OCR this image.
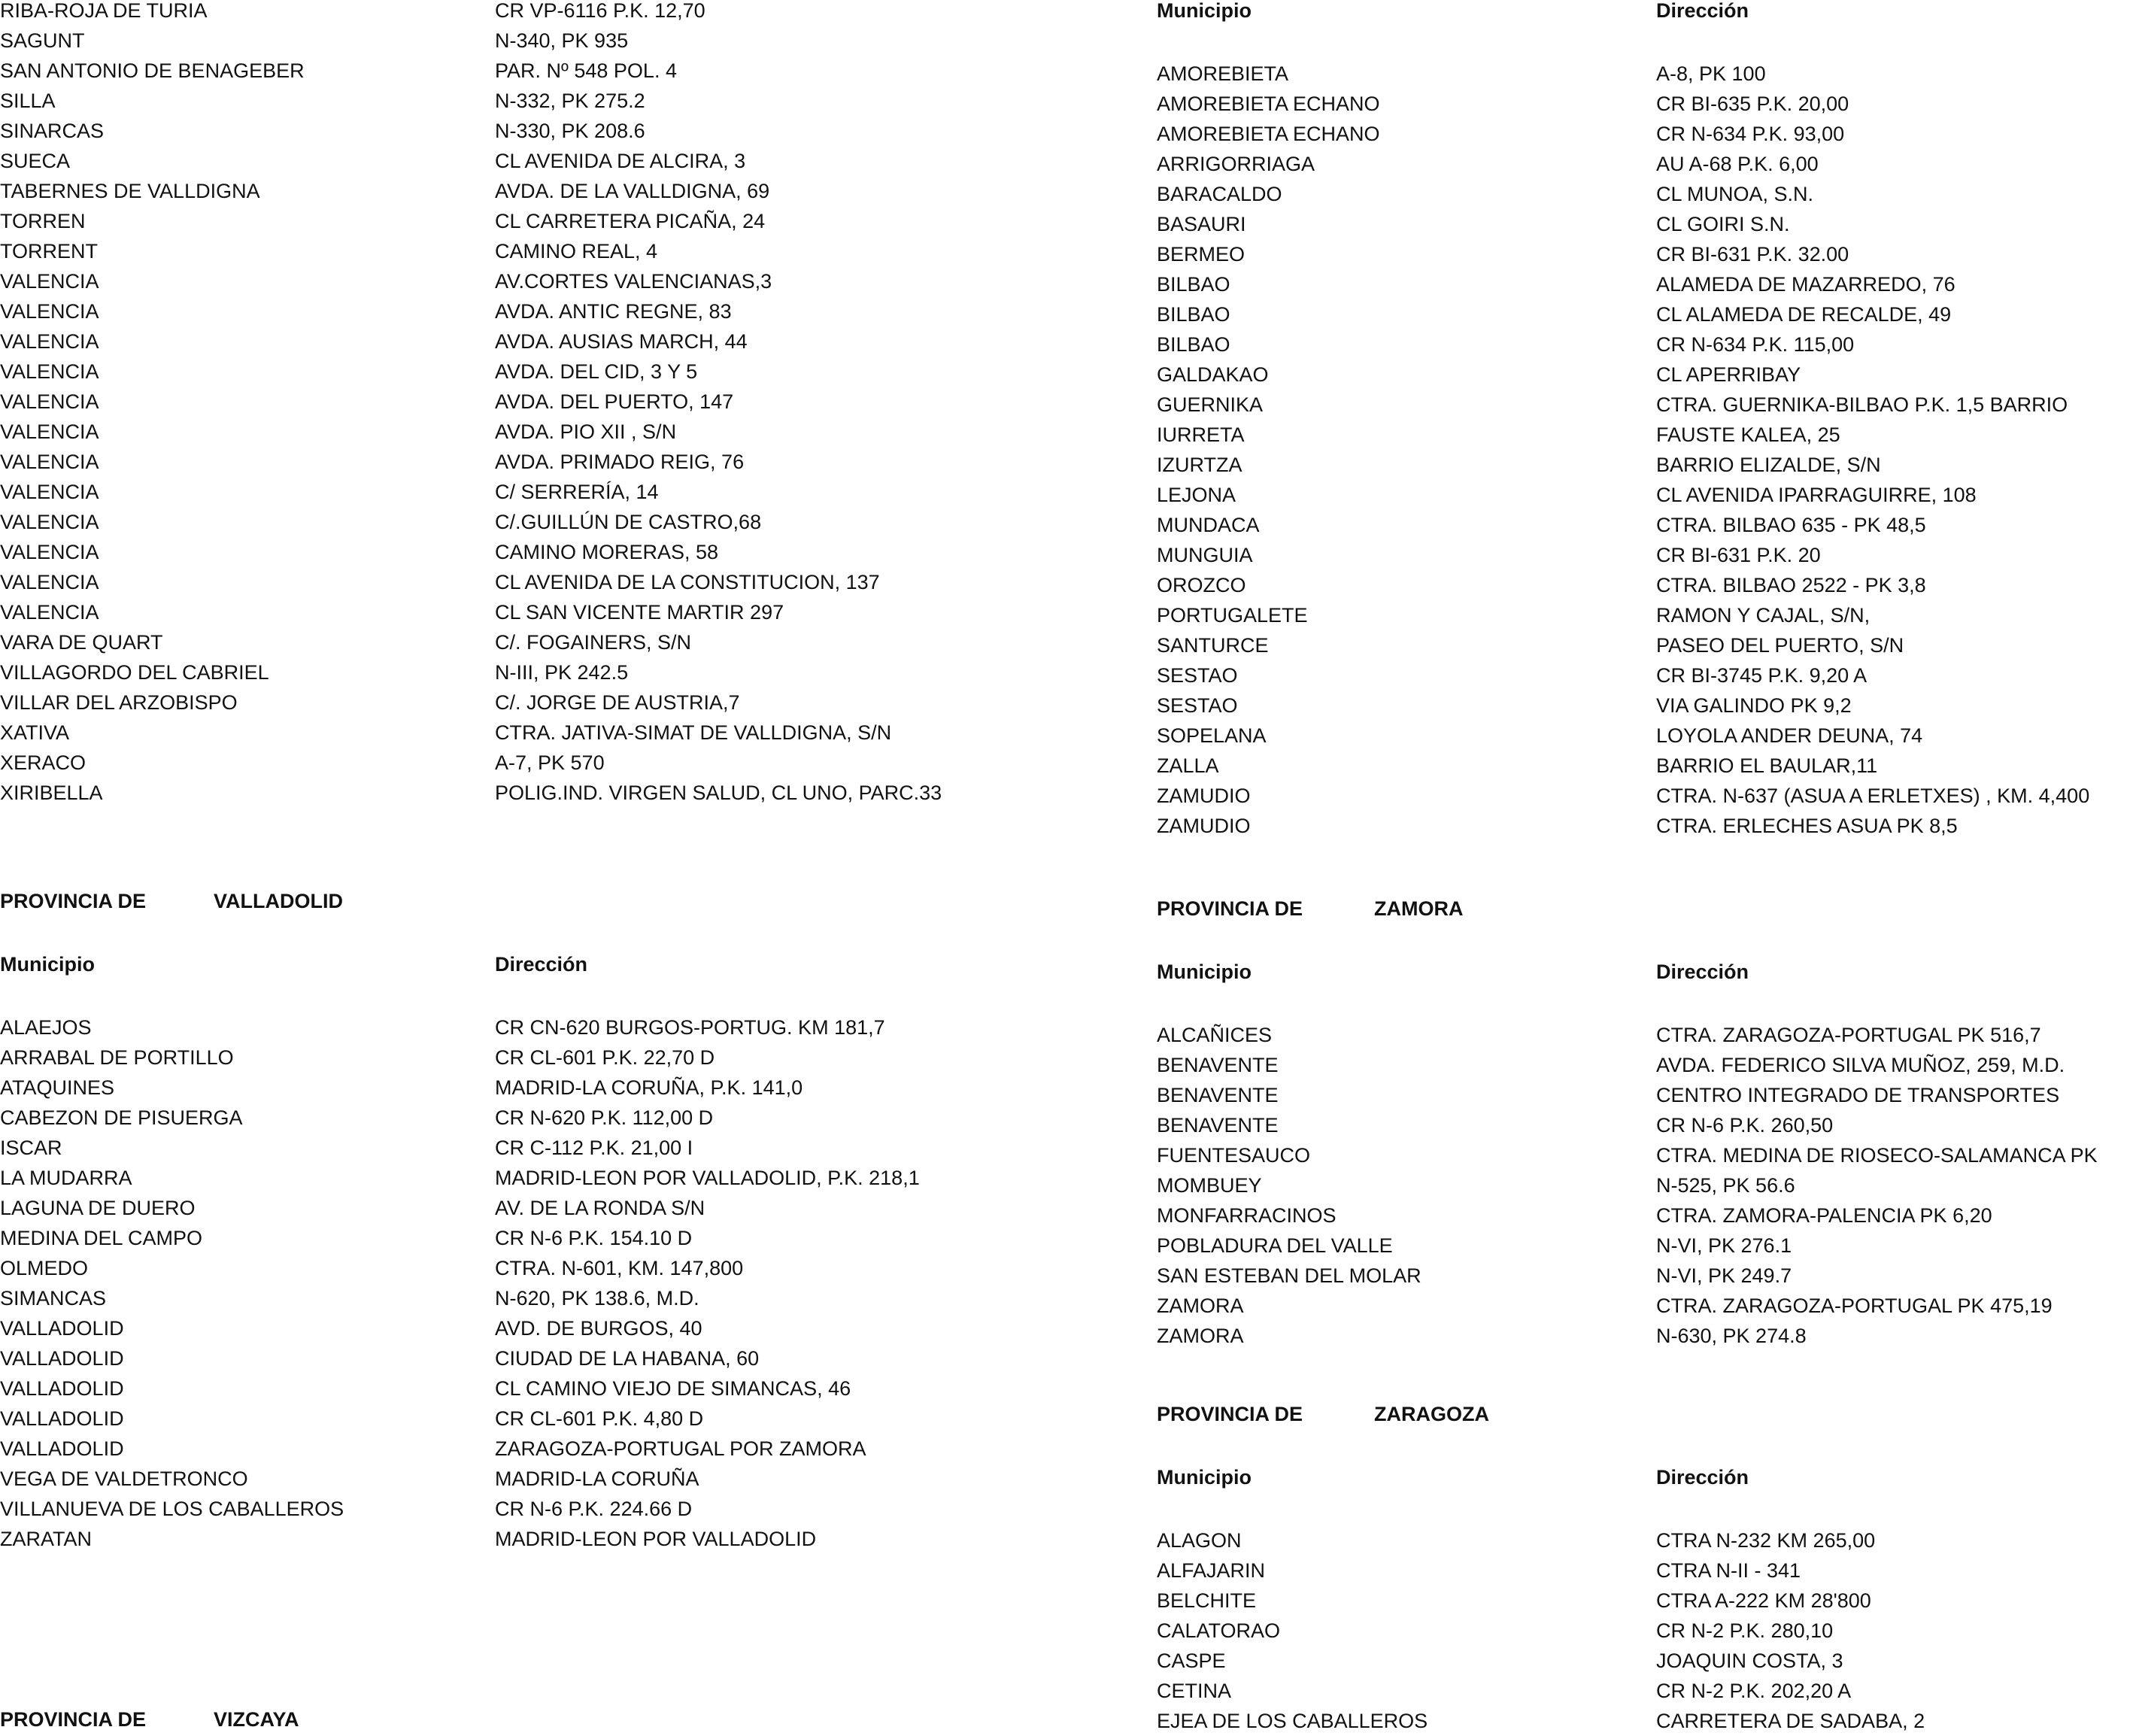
RIBA-ROJA DE TURIA	CR VP-6116 P.K. 12,70
SAGUNT	N-340, PK 935
SAN ANTONIO DE BENAGEBER	PAR. Nº 548 POL. 4
SILLA	N-332, PK 275.2
SINARCAS	N-330, PK 208.6
SUECA	CL AVENIDA DE ALCIRA, 3
TABERNES DE VALLDIGNA	AVDA. DE LA VALLDIGNA, 69
TORREN	CL CARRETERA PICAÑA, 24
TORRENT	CAMINO REAL, 4
VALENCIA	AV.CORTES VALENCIANAS,3
VALENCIA	AVDA. ANTIC REGNE, 83
VALENCIA	AVDA. AUSIAS MARCH, 44
VALENCIA	AVDA. DEL CID, 3 Y 5
VALENCIA	AVDA. DEL PUERTO, 147
VALENCIA	AVDA. PIO XII , S/N
VALENCIA	AVDA. PRIMADO REIG, 76
VALENCIA	C/ SERRERÍA, 14
VALENCIA	C/.GUILLÚN DE CASTRO,68
VALENCIA	CAMINO MORERAS, 58
VALENCIA	CL AVENIDA DE LA CONSTITUCION, 137
VALENCIA	CL SAN VICENTE MARTIR 297
VARA DE QUART	C/. FOGAINERS, S/N
VILLAGORDO DEL CABRIEL	N-III, PK 242.5
VILLAR DEL ARZOBISPO	C/. JORGE DE AUSTRIA,7
XATIVA	CTRA. JATIVA-SIMAT DE VALLDIGNA, S/N
XERACO	A-7, PK 570
XIRIBELLA	POLIG.IND. VIRGEN SALUD, CL UNO, PARC.33
PROVINCIA DE	VALLADOLID
Municipio	Dirección
ALAEJOS	CR CN-620 BURGOS-PORTUG. KM 181,7
ARRABAL DE PORTILLO	CR CL-601 P.K. 22,70 D
ATAQUINES	MADRID-LA CORUÑA, P.K. 141,0
CABEZON DE PISUERGA	CR N-620 P.K. 112,00 D
ISCAR	CR C-112 P.K. 21,00 I
LA MUDARRA	MADRID-LEON POR VALLADOLID, P.K. 218,1
LAGUNA DE DUERO	AV. DE LA RONDA S/N
MEDINA DEL CAMPO	CR N-6 P.K. 154.10 D
OLMEDO	CTRA. N-601, KM. 147,800
SIMANCAS	N-620, PK 138.6, M.D.
VALLADOLID	AVD. DE BURGOS, 40
VALLADOLID	CIUDAD DE LA HABANA, 60
VALLADOLID	CL CAMINO VIEJO DE SIMANCAS, 46
VALLADOLID	CR CL-601 P.K. 4,80 D
VALLADOLID	ZARAGOZA-PORTUGAL POR ZAMORA
VEGA DE VALDETRONCO	MADRID-LA CORUÑA
VILLANUEVA DE LOS CABALLEROS	CR N-6 P.K. 224.66 D
ZARATAN	MADRID-LEON POR VALLADOLID
PROVINCIA DE	VIZCAYA
Municipio	Dirección
AMOREBIETA	A-8, PK 100
AMOREBIETA ECHANO	CR BI-635 P.K. 20,00
AMOREBIETA ECHANO	CR N-634 P.K. 93,00
ARRIGORRIAGA	AU A-68 P.K. 6,00
BARACALDO	CL MUNOA, S.N.
BASAURI	CL GOIRI S.N.
BERMEO	CR BI-631 P.K. 32.00
BILBAO	ALAMEDA DE MAZARREDO, 76
BILBAO	CL ALAMEDA DE RECALDE, 49
BILBAO	CR N-634 P.K. 115,00
GALDAKAO	CL APERRIBAY
GUERNIKA	CTRA. GUERNIKA-BILBAO P.K. 1,5 BARRIO
IURRETA	FAUSTE KALEA, 25
IZURTZA	BARRIO ELIZALDE, S/N
LEJONA	CL AVENIDA IPARRAGUIRRE, 108
MUNDACA	CTRA. BILBAO 635 - PK 48,5
MUNGUIA	CR BI-631 P.K. 20
OROZCO	CTRA. BILBAO 2522 - PK 3,8
PORTUGALETE	RAMON Y CAJAL, S/N,
SANTURCE	PASEO DEL PUERTO, S/N
SESTAO	CR BI-3745 P.K. 9,20 A
SESTAO	VIA GALINDO PK 9,2
SOPELANA	LOYOLA ANDER DEUNA, 74
ZALLA	BARRIO EL BAULAR,11
ZAMUDIO	CTRA. N-637 (ASUA A ERLETXES) , KM. 4,400
ZAMUDIO	CTRA. ERLECHES ASUA PK 8,5
PROVINCIA DE	ZAMORA
Municipio	Dirección
ALCAÑICES	CTRA. ZARAGOZA-PORTUGAL PK 516,7
BENAVENTE	AVDA. FEDERICO SILVA MUÑOZ, 259, M.D.
BENAVENTE	CENTRO INTEGRADO DE TRANSPORTES
BENAVENTE	CR N-6 P.K. 260,50
FUENTESAUCO	CTRA. MEDINA DE RIOSECO-SALAMANCA PK
MOMBUEY	N-525, PK 56.6
MONFARRACINOS	CTRA. ZAMORA-PALENCIA PK 6,20
POBLADURA DEL VALLE	N-VI, PK 276.1
SAN ESTEBAN DEL MOLAR	N-VI, PK 249.7
ZAMORA	CTRA. ZARAGOZA-PORTUGAL PK 475,19
ZAMORA	N-630, PK 274.8
PROVINCIA DE	ZARAGOZA
Municipio	Dirección
ALAGON	CTRA N-232 KM 265,00
ALFAJARIN	CTRA N-II - 341
BELCHITE	CTRA A-222 KM 28'800
CALATORAO	CR N-2 P.K. 280,10
CASPE	JOAQUIN COSTA, 3
CETINA	CR N-2 P.K. 202,20 A
EJEA DE LOS CABALLEROS	CARRETERA DE SADABA, 2
